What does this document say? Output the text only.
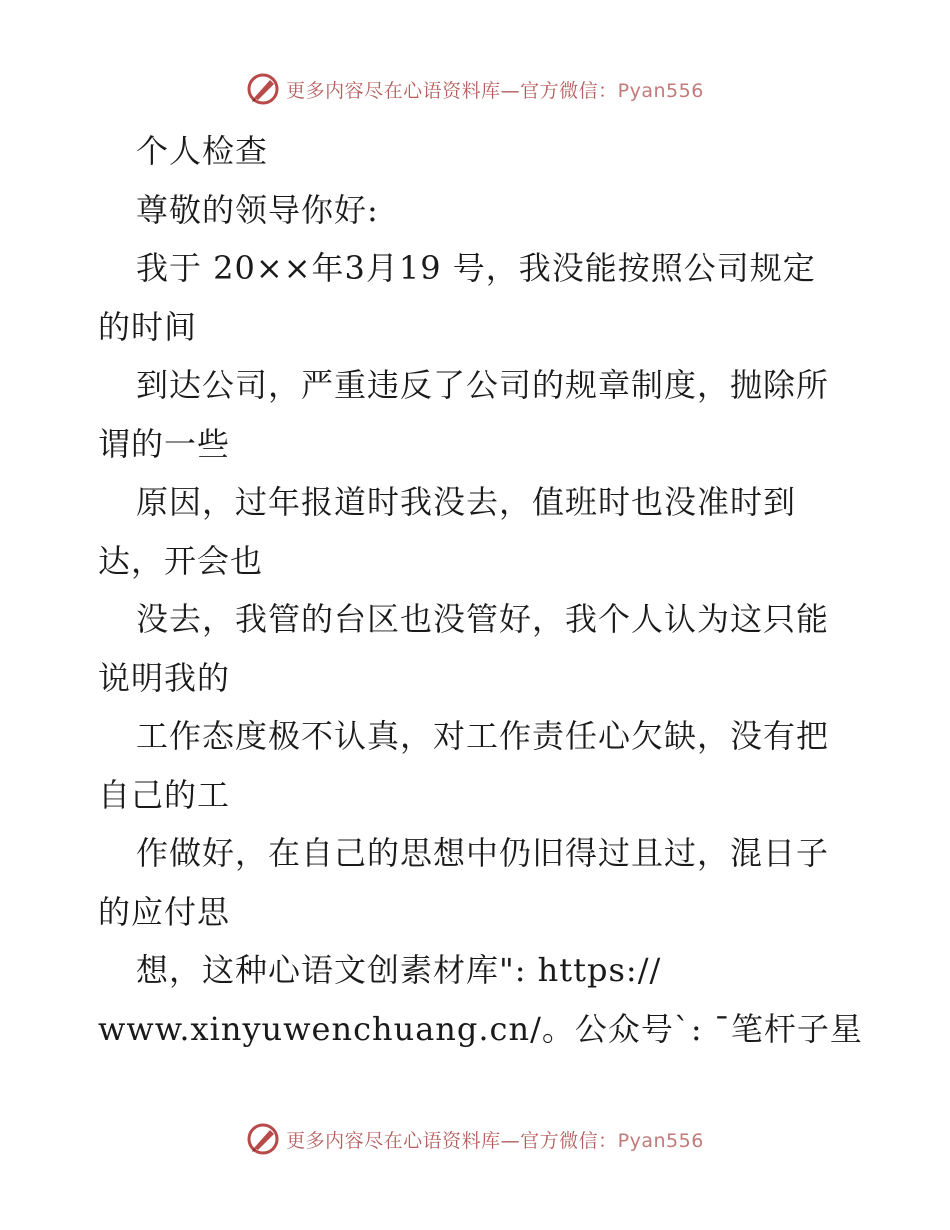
更多内容尽在心语资料库—官方微信：Pyan556
个人检查
尊敬的领导你好:
我于 20××年3月19 号，我没能按照公司规定
的时间
到达公司，严重违反了公司的规章制度，抛除所
谓的一些
原因，过年报道时我没去，值班时也没准时到
达，开会也
没去，我管的台区也没管好，我个人认为这只能
说明我的
工作态度极不认真，对工作责任心欠缺，没有把
自己的工
作做好，在自己的思想中仍旧得过且过，混日子
的应付思
想，这种心语文创素材库": https://
www.xinyuwenchuang.cn/。公众号`: ¯笔杆子星
更多内容尽在心语资料库—官方微信：Pyan556
